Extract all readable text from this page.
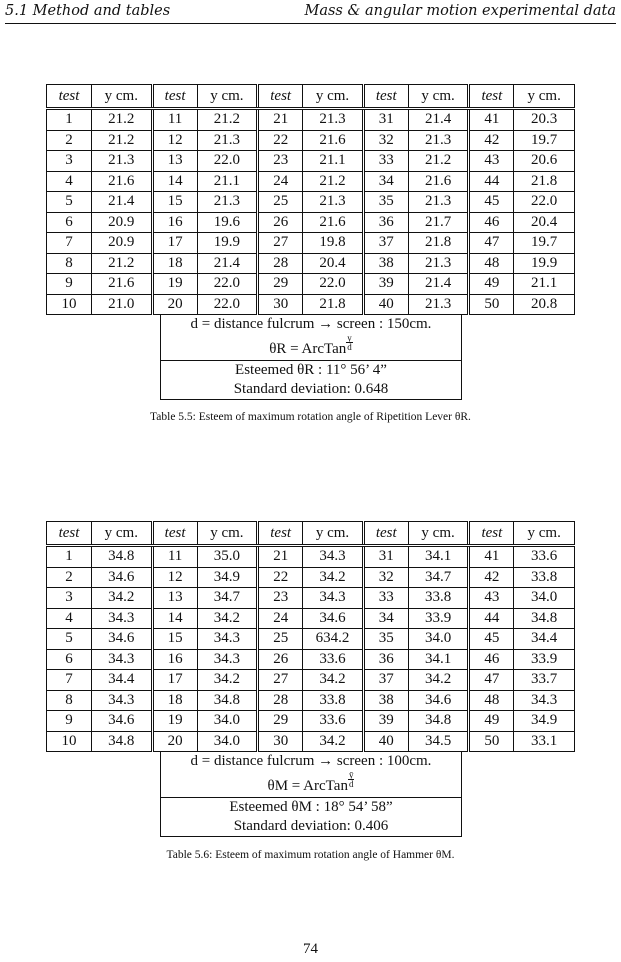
5.1 Method and tables	Mass & angular motion experimental data
test	y cm.	test	y cm.	test	y cm.	test	y cm.	test	y cm.
1	21.2	11	21.2	21	21.3	31	21.4	41	20.3
2	21.2	12	21.3	22	21.6	32	21.3	42	19.7
3	21.3	13	22.0	23	21.1	33	21.2	43	20.6
4	21.6	14	21.1	24	21.2	34	21.6	44	21.8
5	21.4	15	21.3	25	21.3	35	21.3	45	22.0
6	20.9	16	19.6	26	21.6	36	21.7	46	20.4
7	20.9	17	19.9	27	19.8	37	21.8	47	19.7
8	21.2	18	21.4	28	20.4	38	21.3	48	19.9
9	21.6	19	22.0	29	22.0	39	21.4	49	21.1
10	21.0	20	22.0	30	21.8	40	21.3	50	20.8
d = distance fulcrum → screen : 150cm.
θR = ArcTan $\frac{y}{d}$
Esteemed θR : 11° 56’ 4”
Standard deviation: 0.648
Table 5.5: Esteem of maximum rotation angle of Ripetition Lever θR.
test	y cm.	test	y cm.	test	y cm.	test	y cm.	test	y cm.
1	34.8	11	35.0	21	34.3	31	34.1	41	33.6
2	34.6	12	34.9	22	34.2	32	34.7	42	33.8
3	34.2	13	34.7	23	34.3	33	33.8	43	34.0
4	34.3	14	34.2	24	34.6	34	33.9	44	34.8
5	34.6	15	34.3	25	634.2	35	34.0	45	34.4
6	34.3	16	34.3	26	33.6	36	34.1	46	33.9
7	34.4	17	34.2	27	34.2	37	34.2	47	33.7
8	34.3	18	34.8	28	33.8	38	34.6	48	34.3
9	34.6	19	34.0	29	33.6	39	34.8	49	34.9
10	34.8	20	34.0	30	34.2	40	34.5	50	33.1
d = distance fulcrum → screen : 100cm.
θM = ArcTan $\frac{ȳ}{d}$
Esteemed θM : 18° 54’ 58”
Standard deviation: 0.406
Table 5.6: Esteem of maximum rotation angle of Hammer θM.
74
